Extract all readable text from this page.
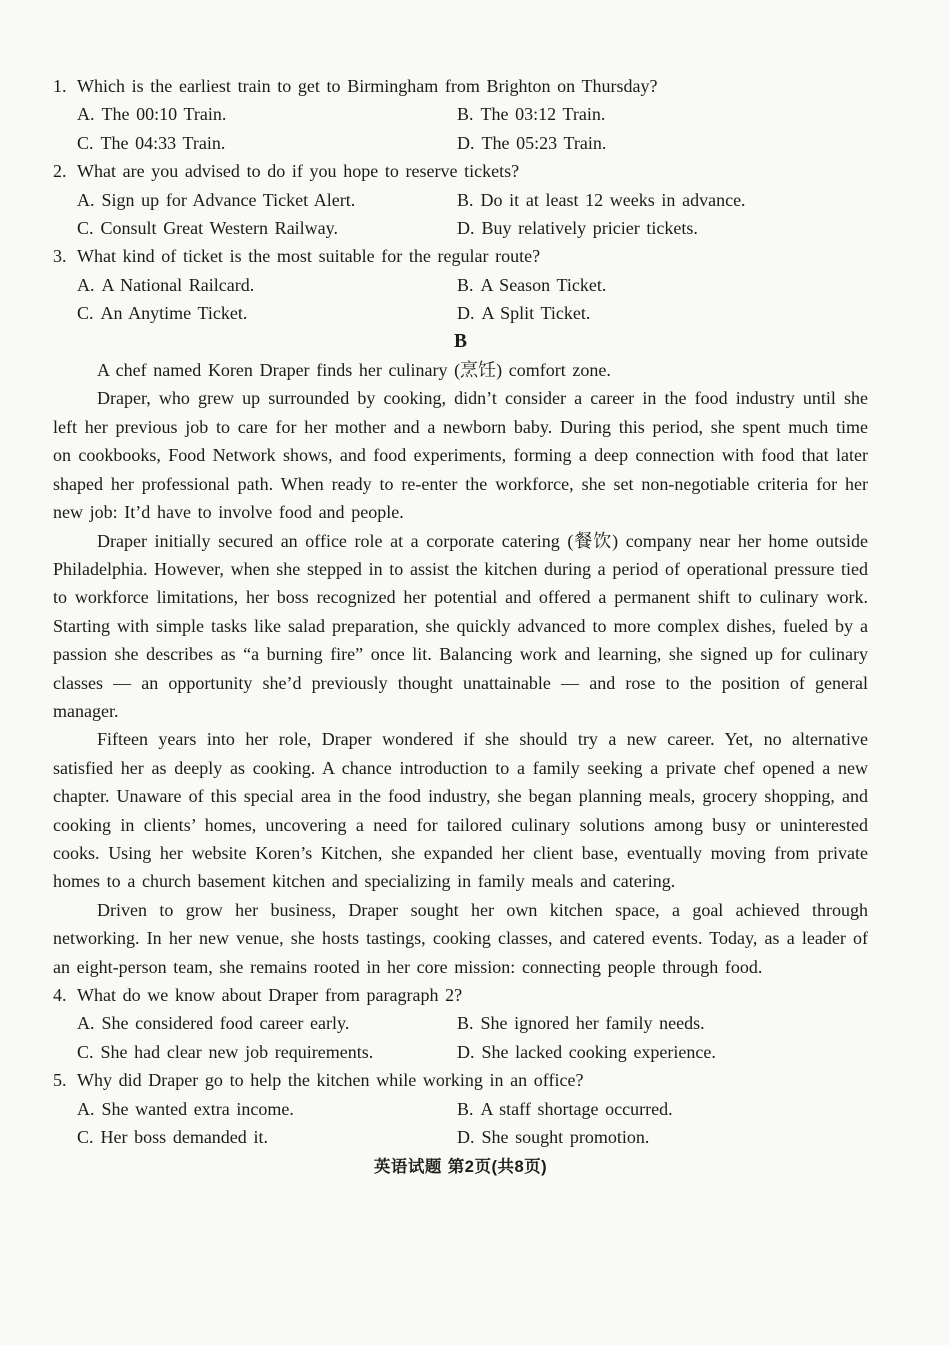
1. Which is the earliest train to get to Birmingham from Brighton on Thursday?
A. The 00:10 Train.	B. The 03:12 Train.
C. The 04:33 Train.	D. The 05:23 Train.
2. What are you advised to do if you hope to reserve tickets?
A. Sign up for Advance Ticket Alert.	B. Do it at least 12 weeks in advance.
C. Consult Great Western Railway.	D. Buy relatively pricier tickets.
3. What kind of ticket is the most suitable for the regular route?
A. A National Railcard.	B. A Season Ticket.
C. An Anytime Ticket.	D. A Split Ticket.
B
A chef named Koren Draper finds her culinary (烹饪) comfort zone.
Draper, who grew up surrounded by cooking, didn’t consider a career in the food industry until she left her previous job to care for her mother and a newborn baby. During this period, she spent much time on cookbooks, Food Network shows, and food experiments, forming a deep connection with food that later shaped her professional path. When ready to re-enter the workforce, she set non-negotiable criteria for her new job: It’d have to involve food and people.
Draper initially secured an office role at a corporate catering (餐饮) company near her home outside Philadelphia. However, when she stepped in to assist the kitchen during a period of operational pressure tied to workforce limitations, her boss recognized her potential and offered a permanent shift to culinary work. Starting with simple tasks like salad preparation, she quickly advanced to more complex dishes, fueled by a passion she describes as “a burning fire” once lit. Balancing work and learning, she signed up for culinary classes — an opportunity she’d previously thought unattainable — and rose to the position of general manager.
Fifteen years into her role, Draper wondered if she should try a new career. Yet, no alternative satisfied her as deeply as cooking. A chance introduction to a family seeking a private chef opened a new chapter. Unaware of this special area in the food industry, she began planning meals, grocery shopping, and cooking in clients’ homes, uncovering a need for tailored culinary solutions among busy or uninterested cooks. Using her website Koren’s Kitchen, she expanded her client base, eventually moving from private homes to a church basement kitchen and specializing in family meals and catering.
Driven to grow her business, Draper sought her own kitchen space, a goal achieved through networking. In her new venue, she hosts tastings, cooking classes, and catered events. Today, as a leader of an eight-person team, she remains rooted in her core mission: connecting people through food.
4. What do we know about Draper from paragraph 2?
A. She considered food career early.	B. She ignored her family needs.
C. She had clear new job requirements.	D. She lacked cooking experience.
5. Why did Draper go to help the kitchen while working in an office?
A. She wanted extra income.	B. A staff shortage occurred.
C. Her boss demanded it.	D. She sought promotion.
英语试题 第2页(共8页)
